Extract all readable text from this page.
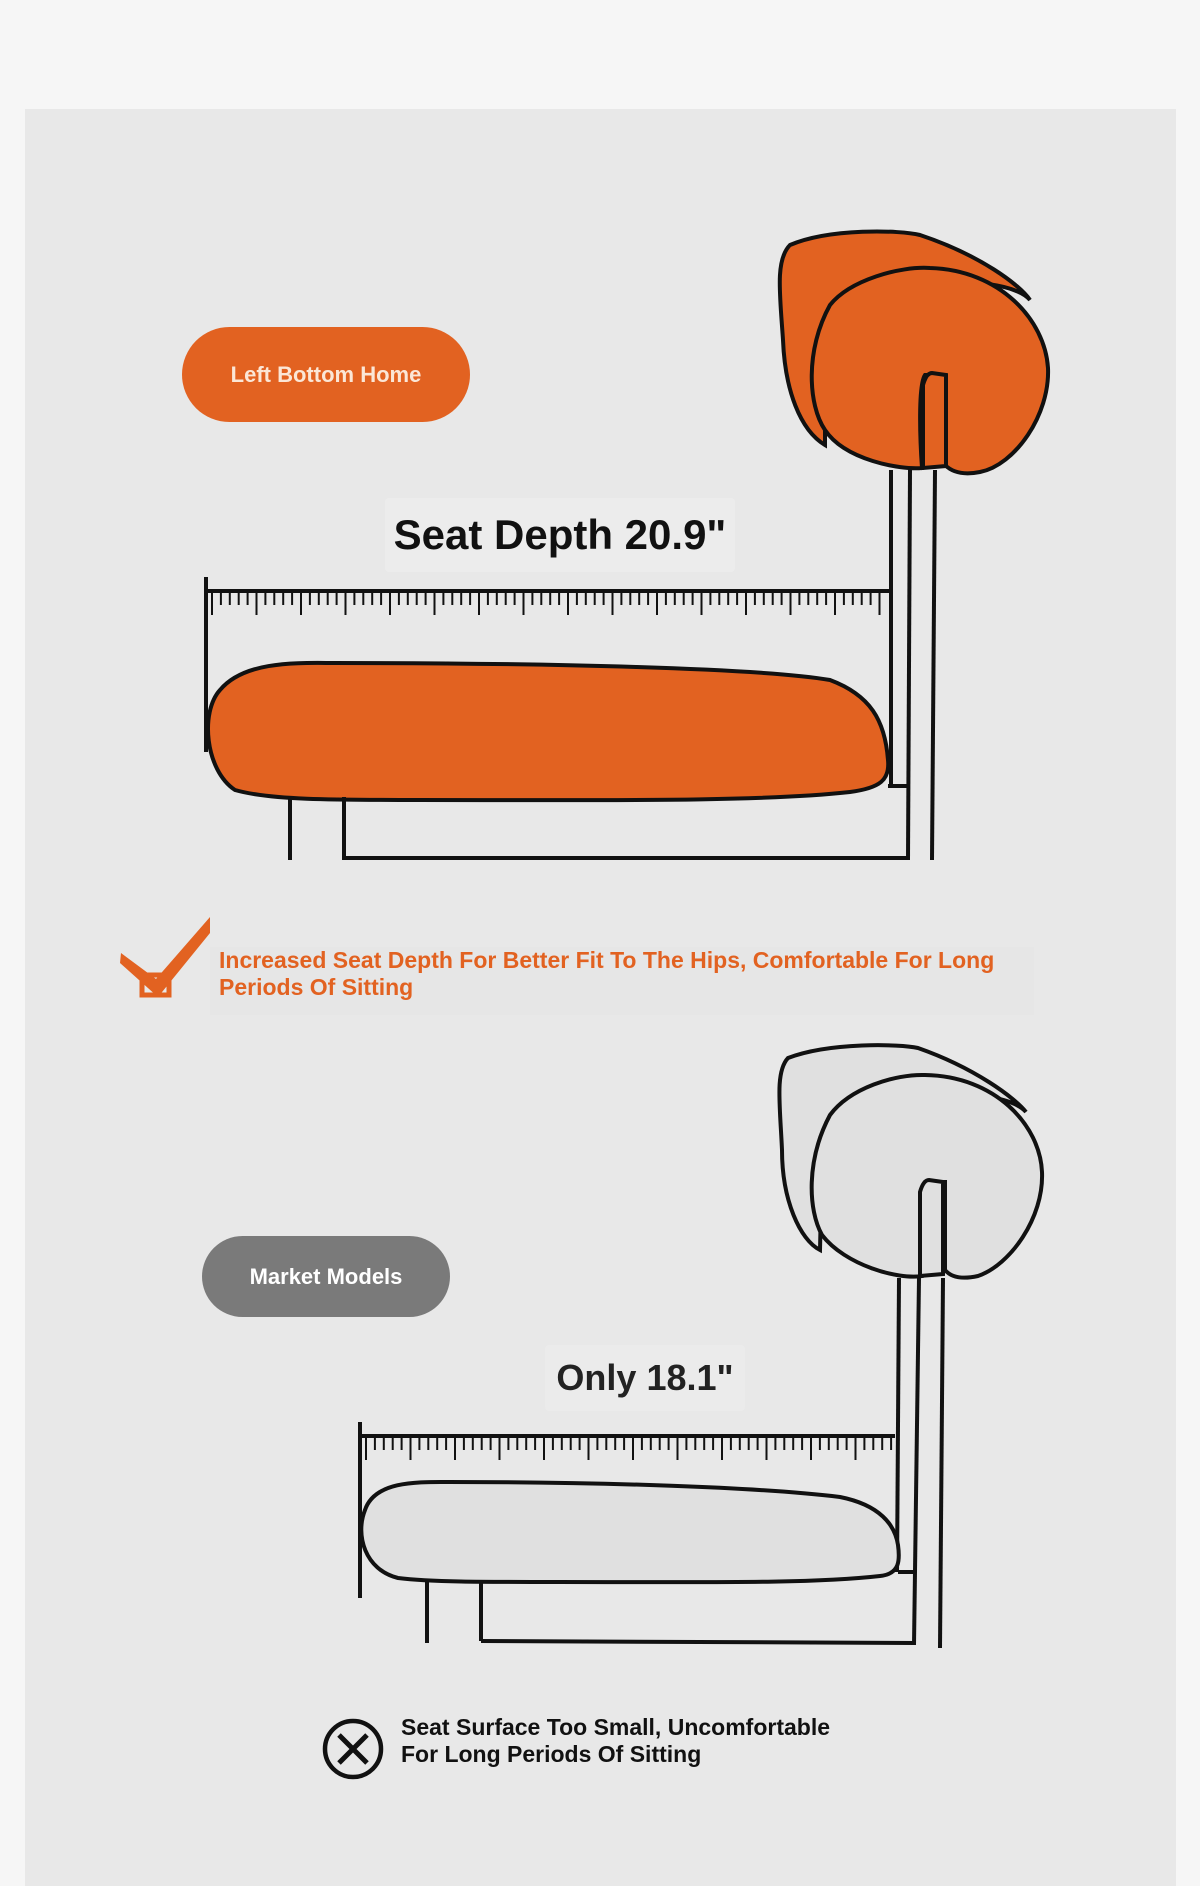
Left Bottom Home
Seat Depth 20.9"
Increased Seat Depth For Better Fit To The Hips, Comfortable For Long
Periods Of Sitting
Market Models
Only 18.1"
Seat Surface Too Small, Uncomfortable
For Long Periods Of Sitting
